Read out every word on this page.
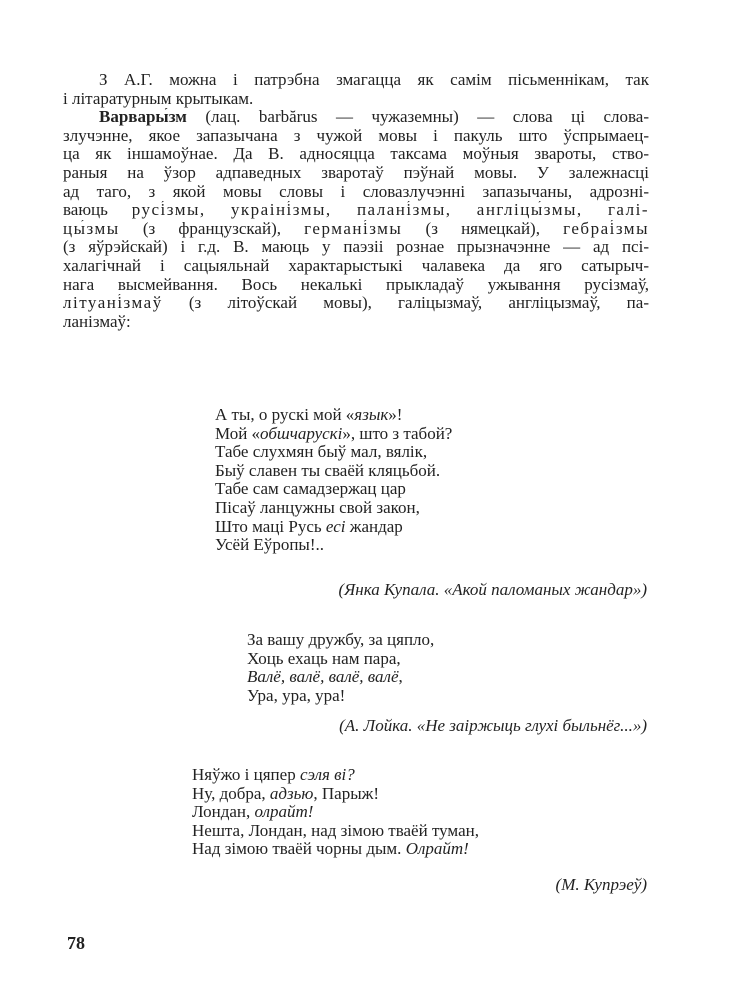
З А.Г. можна і патрэбна змагацца як самім пісьменнікам, так
і літаратурным крытыкам.
Варвары́зм (лац. barbărus — чужаземны) — слова ці слова-
злучэнне, якое запазычана з чужой мовы і пакуль што ўспрымаец-
ца як іншамоўнае. Да В. адносяцца таксама моўныя звароты, ство-
раныя на ўзор адпаведных зваротаў пэўнай мовы. У залежнасці
ад таго, з якой мовы словы і словазлучэнні запазычаны, адрозні-
ваюць русі́змы, украіні́змы, палані́змы, англіцы́змы, галі-
цы́змы (з французскай), германі́змы (з нямецкай), гебраі́змы
(з яўрэйскай) і г.д. В. маюць у паэзіі рознае прызначэнне — ад псі-
халагічнай і сацыяльнай характарыстыкі чалавека да яго сатырыч-
нага высмейвання. Вось некалькі прыкладаў ужывання русізмаў,
літуані́змаў (з літоўскай мовы), галіцызмаў, англіцызмаў, па-
ланізмаў:
А ты, о рускі мой «язык»!
Мой «обшчарускі», што з табой?
Табе слухмян быў мал, вялік,
Быў славен ты сваёй кляцьбой.
Табе сам самадзержац цар
Пісаў ланцужны свой закон,
Што маці Русь есі жандар
Усёй Еўропы!..
(Янка Купала. «Акой паломаных жандар»)
За вашу дружбу, за цяпло,
Хоць ехаць нам пара,
Валё, валё, валё, валё,
Ура, ура, ура!
(А. Лойка. «Не заіржыць глухі быльнёг...»)
Няўжо і цяпер сэля ві?
Ну, добра, адзью, Парыж!
Лондан, олрайт!
Нешта, Лондан, над зімою тваёй туман,
Над зімою тваёй чорны дым. Олрайт!
(М. Купрэеў)
78
